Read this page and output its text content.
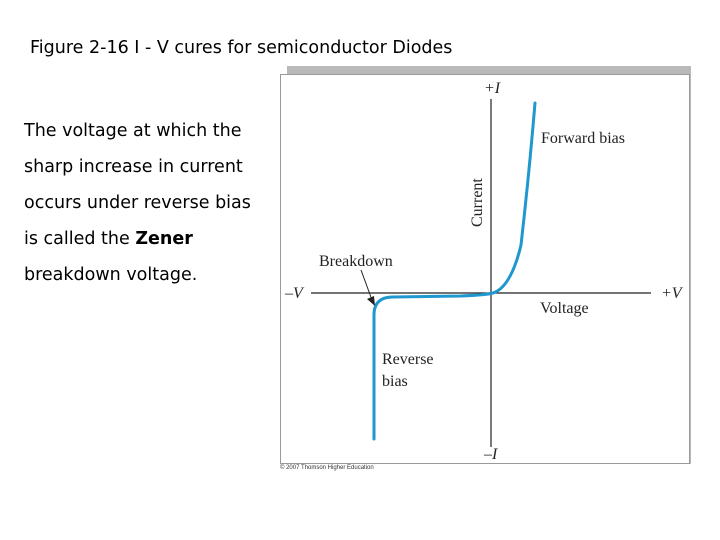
Figure 2-16 I - V cures for semiconductor Diodes

The voltage at which the

sharp increase in current

occurs under reverse bias

is called the Zener

breakdown voltage.

+I
–I
–V	+V
Current
Voltage
Forward bias
Breakdown
Reverse
bias
© 2007 Thomson Higher Education
